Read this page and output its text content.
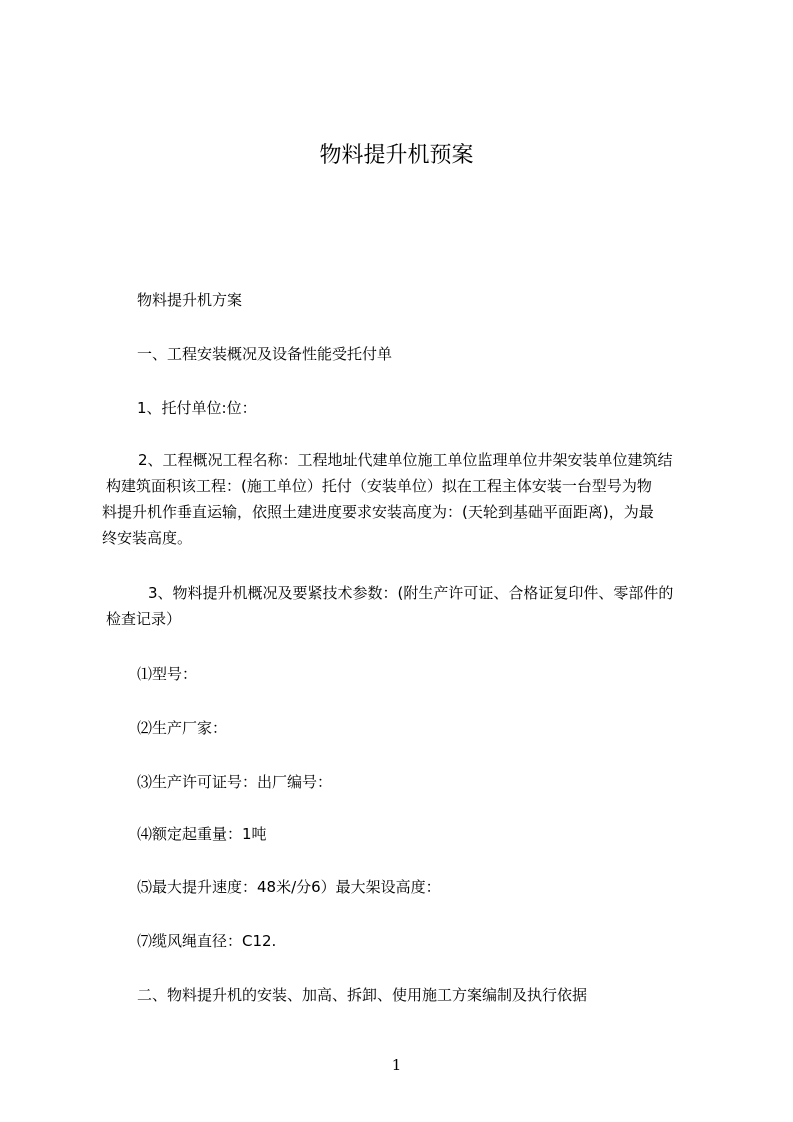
物料提升机预案

物料提升机方案

一、工程安装概况及设备性能受托付单

1、托付单位:位：

2、工程概况工程名称：工程地址代建单位施工单位监理单位井架安装单位建筑结
构建筑面积该工程：(施工单位）托付（安装单位）拟在工程主体安装一台型号为物
料提升机作垂直运输，依照土建进度要求安装高度为：(天轮到基础平面距离)，为最
终安装高度。
3、物料提升机概况及要紧技术参数：(附生产许可证、合格证复印件、零部件的
检查记录）

⑴型号：

⑵生产厂家：

⑶生产许可证号：出厂编号：

⑷额定起重量：1吨

⑸最大提升速度：48米/分6）最大架设高度：

⑺缆风绳直径：C12.

二、物料提升机的安装、加高、拆卸、使用施工方案编制及执行依据

1
